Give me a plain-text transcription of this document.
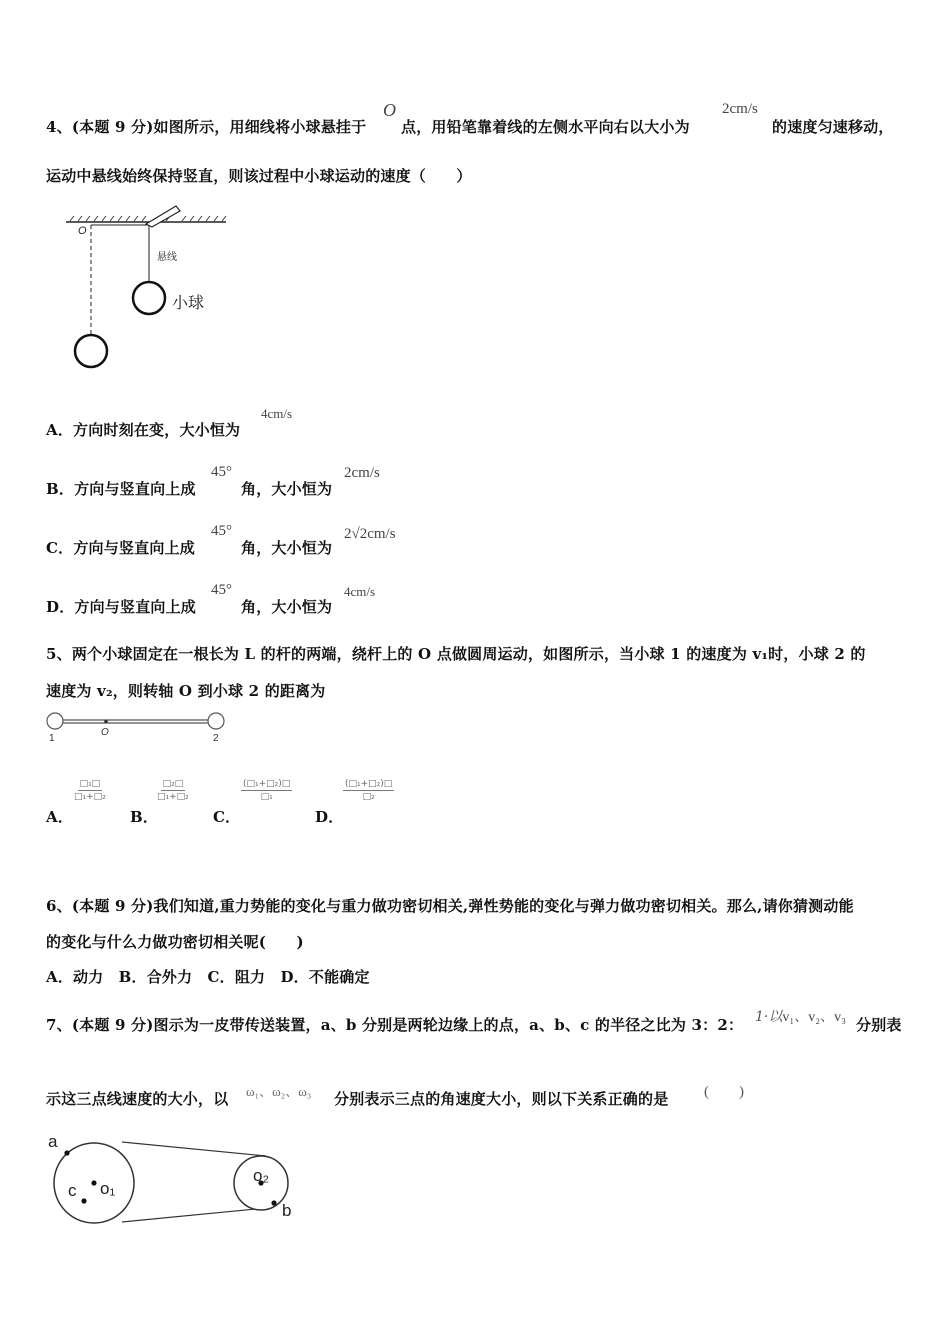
4、(本题 9 分)如图所示，用细线将小球悬挂于
O
点，用铅笔靠着线的左侧水平向右以大小为
2cm/s
的速度匀速移动，
运动中悬线始终保持竖直，则该过程中小球运动的速度（　　）
O
悬线
小球
A．方向时刻在变，大小恒为
4cm/s
B．方向与竖直向上成
45°
角，大小恒为
2cm/s
C．方向与竖直向上成
45°
角，大小恒为
2√2cm/s
D．方向与竖直向上成
45°
角，大小恒为
4cm/s
5、两个小球固定在一根长为 L 的杆的两端，绕杆上的 O 点做圆周运动，如图所示，当小球 1 的速度为 v₁时，小球 2 的
速度为 v₂，则转轴 O 到小球 2 的距离为
1
O
2
A．
□₁□
□₁+□₂
B．
□₂□
□₁+□₂
C．
(□₁+□₂)□
□₁
D．
(□₁+□₂)□
□₂
6、(本题 9 分)我们知道,重力势能的变化与重力做功密切相关,弹性势能的变化与弹力做功密切相关。那么,请你猜测动能
的变化与什么力做功密切相关呢(　　)
A．动力　B．合外力　C．阻力　D．不能确定
7、(本题 9 分)图示为一皮带传送装置，a、b 分别是两轮边缘上的点，a、b、c 的半径之比为 3：2： 1·以v₁、v₂、v₃ 分别表
示这三点线速度的大小，以 ω₁、ω₂、ω₃ 分别表示三点的角速度大小，则以下关系正确的是 (　　)
a
c o₁
o₂
b
